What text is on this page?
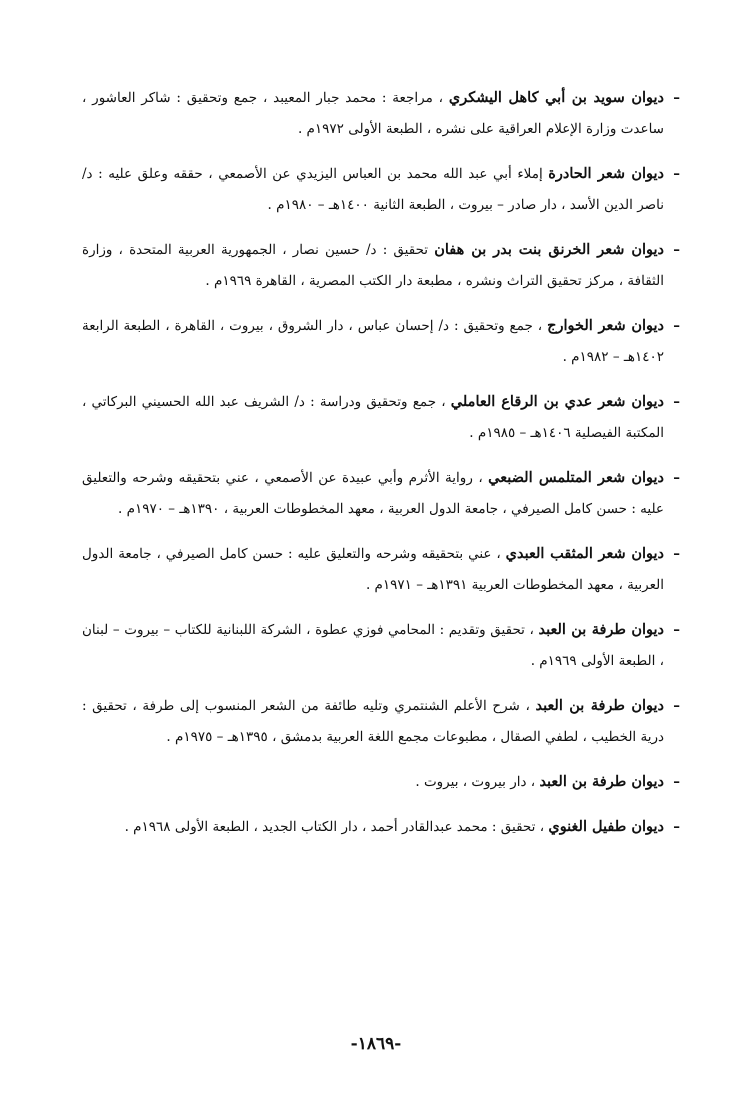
–ديوان سويد بن أبي كاهل اليشكري ، مراجعة : محمد جبار المعيبد ، جمع وتحقيق : شاكر العاشور ، ساعدت وزارة الإعلام العراقية على نشره ، الطبعة الأولى ١٩٧٢م .

–ديوان شعر الحادرة إملاء أبي عبد الله محمد بن العباس اليزيدي عن الأصمعي ، حققه وعلق عليه : د/ ناصر الدين الأسد ، دار صادر – بيروت ، الطبعة الثانية ١٤٠٠هـ – ١٩٨٠م .

–ديوان شعر الخرنق بنت بدر بن هفان تحقيق : د/ حسين نصار ، الجمهورية العربية المتحدة ، وزارة الثقافة ، مركز تحقيق التراث ونشره ، مطبعة دار الكتب المصرية ، القاهرة ١٩٦٩م .

–ديوان شعر الخوارج ، جمع وتحقيق : د/ إحسان عباس ، دار الشروق ، بيروت ، القاهرة ، الطبعة الرابعة ١٤٠٢هـ – ١٩٨٢م .

–ديوان شعر عدي بن الرقاع العاملي ، جمع وتحقيق ودراسة : د/ الشريف عبد الله الحسيني البركاتي ، المكتبة الفيصلية ١٤٠٦هـ – ١٩٨٥م .

–ديوان شعر المتلمس الضبعي ، رواية الأثرم وأبي عبيدة عن الأصمعي ، عني بتحقيقه وشرحه والتعليق عليه : حسن كامل الصيرفي ، جامعة الدول العربية ، معهد المخطوطات العربية ، ١٣٩٠هـ – ١٩٧٠م .

–ديوان شعر المثقب العبدي ، عني بتحقيقه وشرحه والتعليق عليه : حسن كامل الصيرفي ، جامعة الدول العربية ، معهد المخطوطات العربية ١٣٩١هـ – ١٩٧١م .

–ديوان طرفة بن العبد ، تحقيق وتقديم : المحامي فوزي عطوة ، الشركة اللبنانية للكتاب – بيروت – لبنان ، الطبعة الأولى ١٩٦٩م .

–ديوان طرفة بن العبد ، شرح الأعلم الشنتمري وتليه طائفة من الشعر المنسوب إلى طرفة ، تحقيق : درية الخطيب ، لطفي الصقال ، مطبوعات مجمع اللغة العربية بدمشق ، ١٣٩٥هـ – ١٩٧٥م .

–ديوان طرفة بن العبد ، دار بيروت ، بيروت .

–ديوان طفيل الغنوي ، تحقيق : محمد عبدالقادر أحمد ، دار الكتاب الجديد ، الطبعة الأولى ١٩٦٨م .

-١٨٦٩-
